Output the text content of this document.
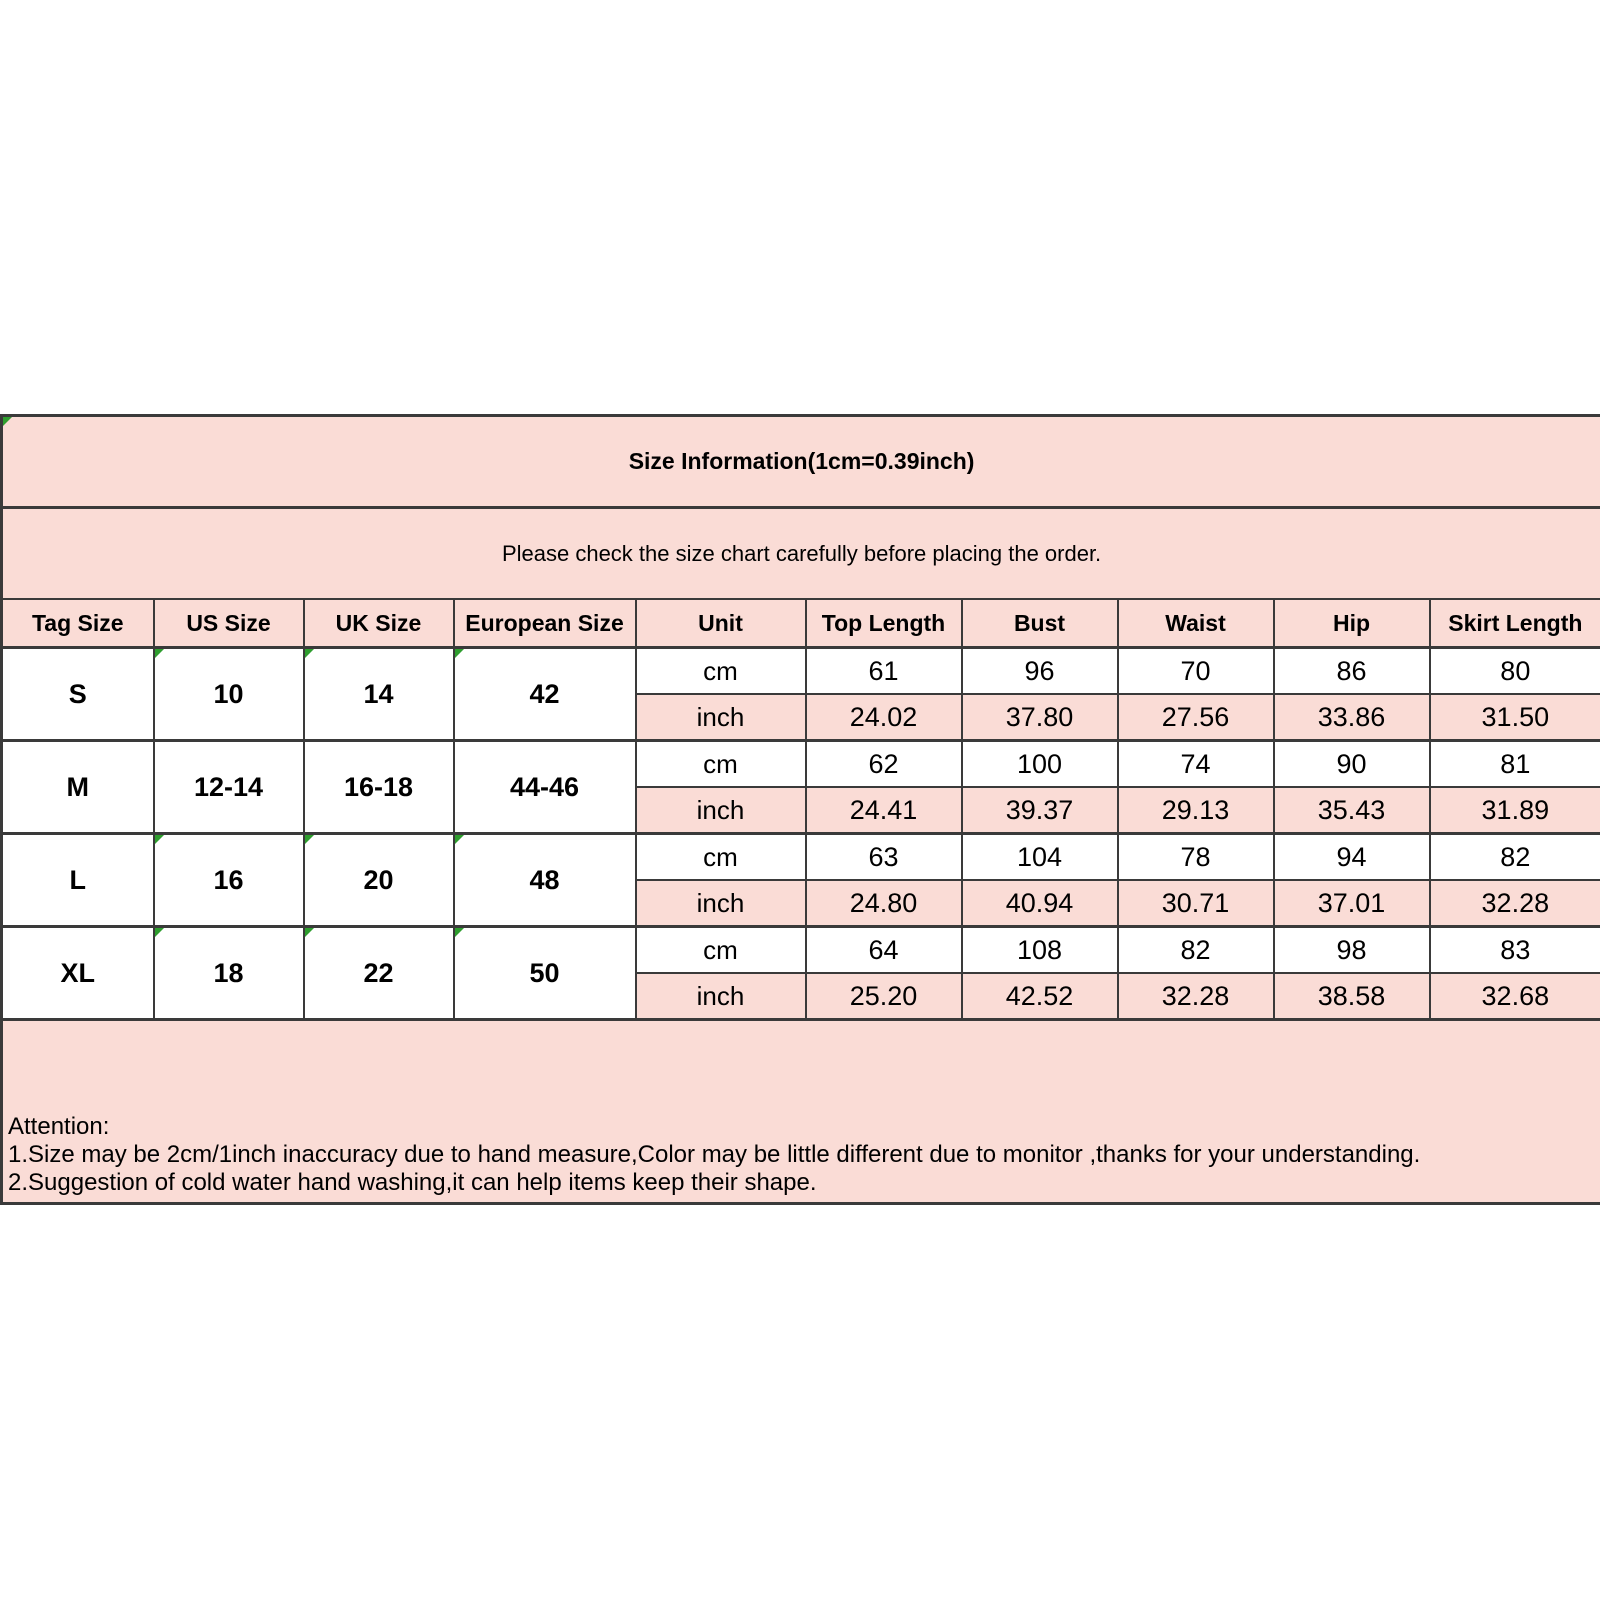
Size Information(1cm=0.39inch)									
Please check the size chart carefully before placing the order.									
Tag Size	US Size	UK Size	European Size	Unit	Top Length	Bust	Waist	Hip	Skirt Length
S	10	14	42	cm	61	96	70	86	80
				inch	24.02	37.80	27.56	33.86	31.50
M	12-14	16-18	44-46	cm	62	100	74	90	81
				inch	24.41	39.37	29.13	35.43	31.89
L	16	20	48	cm	63	104	78	94	82
				inch	24.80	40.94	30.71	37.01	32.28
XL	18	22	50	cm	64	108	82	98	83
				inch	25.20	42.52	32.28	38.58	32.68

Attention:
1.Size may be 2cm/1inch inaccuracy due to hand measure,Color may be little different due to monitor ,thanks for your understanding.
2.Suggestion of cold water hand washing,it can help items keep their shape.									
